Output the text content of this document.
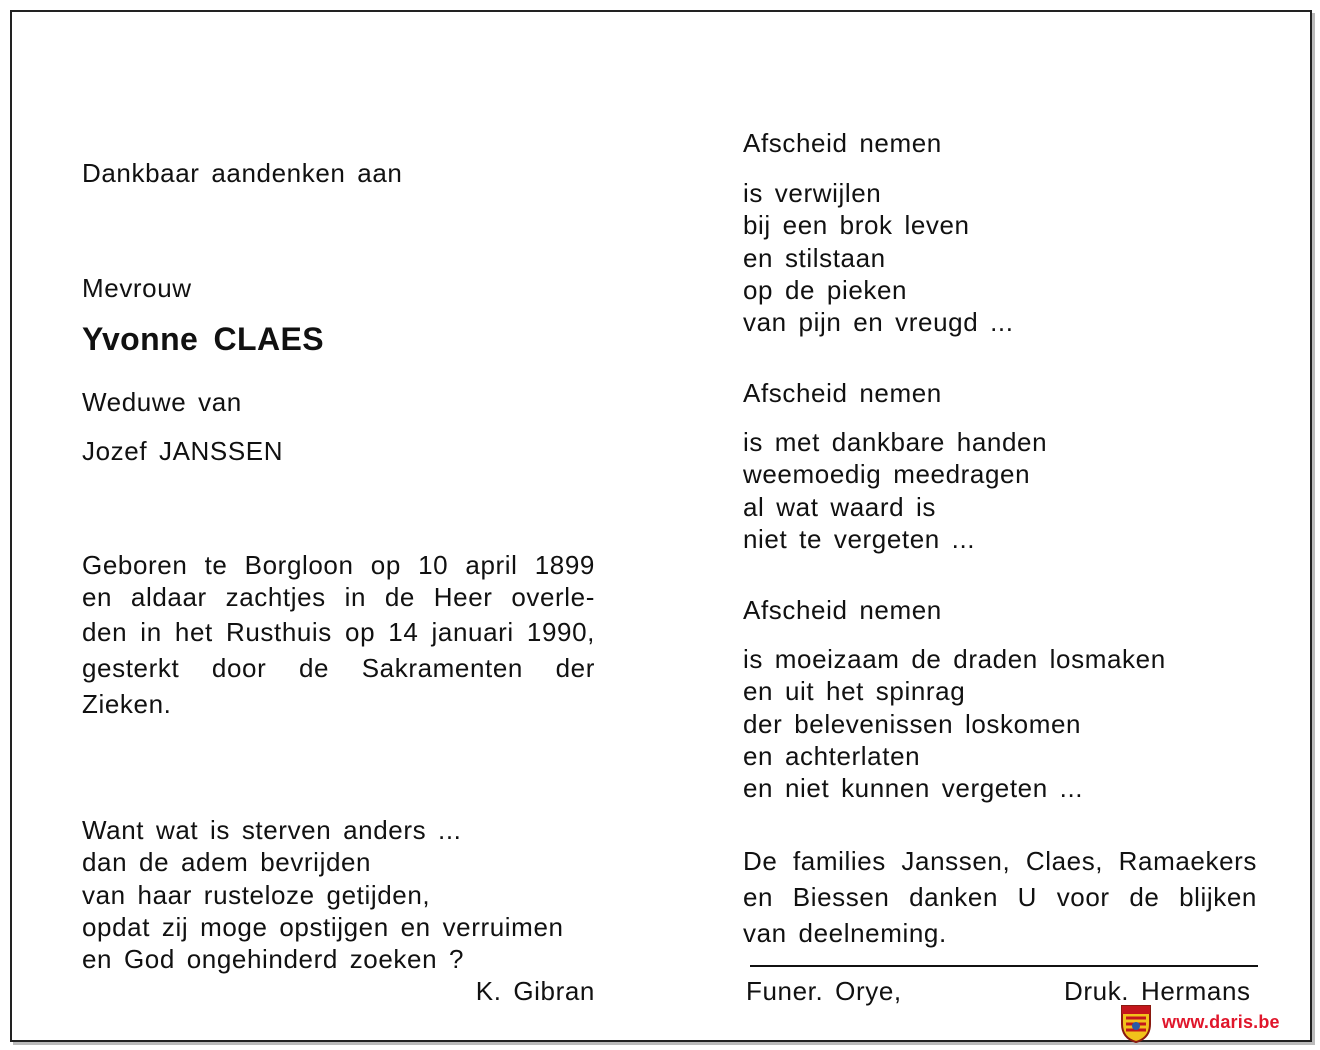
Dankbaar aandenken aan
Mevrouw
Yvonne CLAES
Weduwe van
Jozef JANSSEN
Geboren te Borgloon op 10 april 1899
en aldaar zachtjes in de Heer overle-
den in het Rusthuis op 14 januari 1990,
gesterkt door de Sakramenten der
Zieken.
Want wat is sterven anders ...
dan de adem bevrijden
van haar rusteloze getijden,
opdat zij moge opstijgen en verruimen
en God ongehinderd zoeken ?
K. Gibran
Afscheid nemen
is verwijlen
bij een brok leven
en stilstaan
op de pieken
van pijn en vreugd ...
Afscheid nemen
is met dankbare handen
weemoedig meedragen
al wat waard is
niet te vergeten ...
Afscheid nemen
is moeizaam de draden losmaken
en uit het spinrag
der belevenissen loskomen
en achterlaten
en niet kunnen vergeten ...
De families Janssen, Claes, Ramaekers
en Biessen danken U voor de blijken
van deelneming.
Funer. Orye,	Druk. Hermans
www.daris.be
